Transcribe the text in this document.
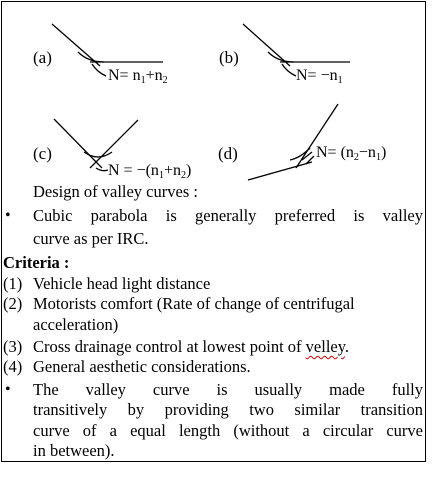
(a)	(b)
(c)	(d)
$N= n_1+n_2$	$N= -n_1$
$N = -(n_1+n_2)$
$N= (n_2-n_1)$
Design of valley curves :
• Cubic parabola is generally preferred is valley
curve as per IRC.
Criteria :
(1) Vehicle head light distance
(2) Motorists comfort (Rate of change of centrifugal
acceleration)
(3) Cross drainage control at lowest point of velley.
(4) General aesthetic considerations.
• The valley curve is usually made fully
transitively by providing two similar transition
curve of a equal length (without a circular curve
in between).
